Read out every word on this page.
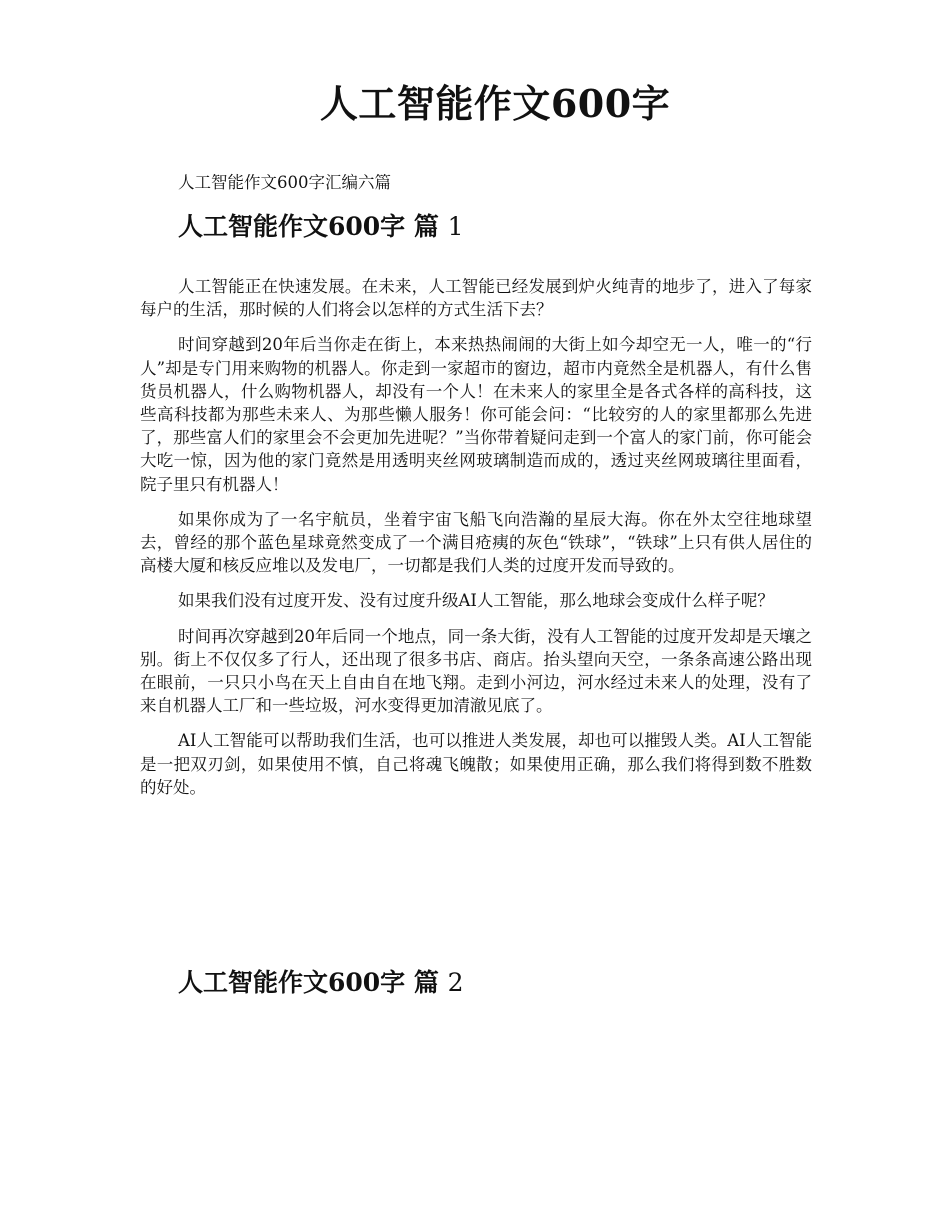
人工智能作文600字

人工智能作文600字汇编六篇

人工智能作文600字 篇 1

人工智能正在快速发展。在未来，人工智能已经发展到炉火纯青的地步了，进入了每家每户的生活，那时候的人们将会以怎样的方式生活下去？

时间穿越到20年后当你走在街上，本来热热闹闹的大街上如今却空无一人，唯一的“行人”却是专门用来购物的机器人。你走到一家超市的窗边，超市内竟然全是机器人，有什么售货员机器人，什么购物机器人，却没有一个人！在未来人的家里全是各式各样的高科技，这些高科技都为那些未来人、为那些懒人服务！你可能会问：“比较穷的人的家里都那么先进了，那些富人们的家里会不会更加先进呢？”当你带着疑问走到一个富人的家门前，你可能会大吃一惊，因为他的家门竟然是用透明夹丝网玻璃制造而成的，透过夹丝网玻璃往里面看，院子里只有机器人！

如果你成为了一名宇航员，坐着宇宙飞船飞向浩瀚的星辰大海。你在外太空往地球望去，曾经的那个蓝色星球竟然变成了一个满目疮痍的灰色“铁球”，“铁球”上只有供人居住的高楼大厦和核反应堆以及发电厂，一切都是我们人类的过度开发而导致的。

如果我们没有过度开发、没有过度升级AI人工智能，那么地球会变成什么样子呢？

时间再次穿越到20年后同一个地点，同一条大街，没有人工智能的过度开发却是天壤之别。街上不仅仅多了行人，还出现了很多书店、商店。抬头望向天空，一条条高速公路出现在眼前，一只只小鸟在天上自由自在地飞翔。走到小河边，河水经过未来人的处理，没有了来自机器人工厂和一些垃圾，河水变得更加清澈见底了。

AI人工智能可以帮助我们生活，也可以推进人类发展，却也可以摧毁人类。AI人工智能是一把双刃剑，如果使用不慎，自己将魂飞魄散；如果使用正确，那么我们将得到数不胜数的好处。

人工智能作文600字 篇 2
